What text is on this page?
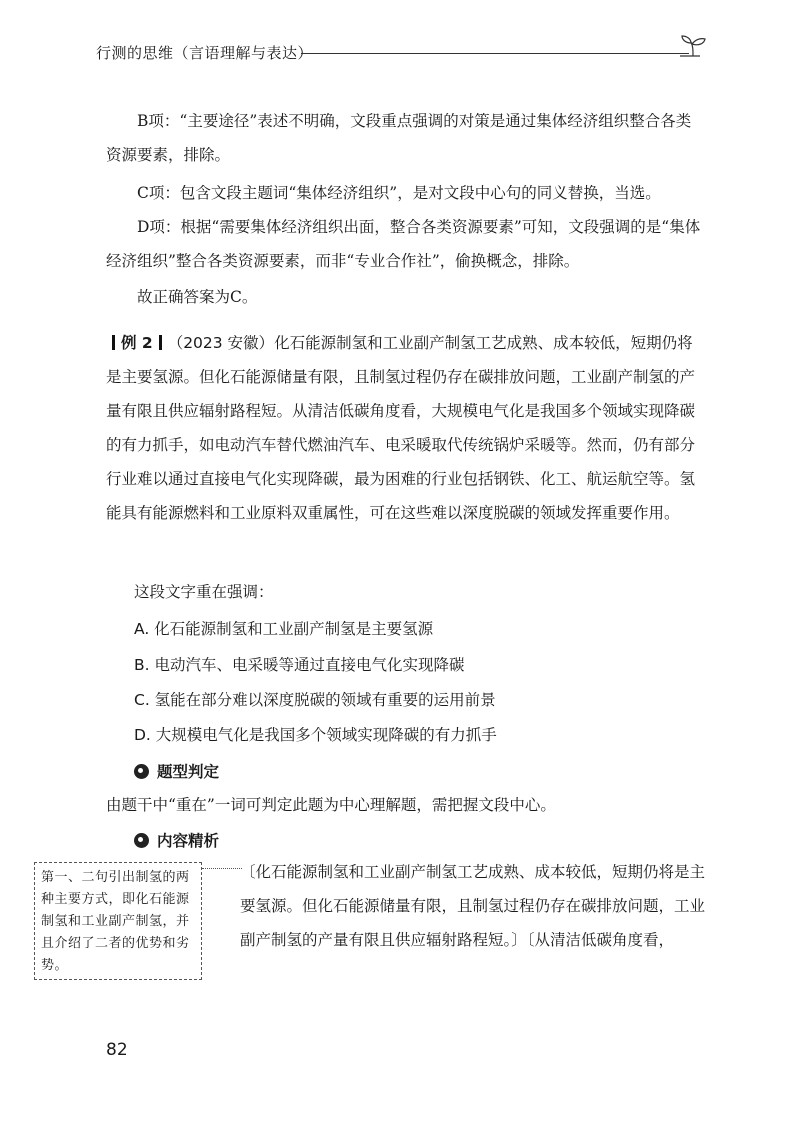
行测的思维（言语理解与表达）

B项：“主要途径”表述不明确，文段重点强调的对策是通过集体经济组织整合各类资源要素，排除。

C项：包含文段主题词“集体经济组织”，是对文段中心句的同义替换，当选。

D项：根据“需要集体经济组织出面，整合各类资源要素”可知，文段强调的是“集体经济组织”整合各类资源要素，而非“专业合作社”，偷换概念，排除。

故正确答案为C。

例 2 （2023 安徽）化石能源制氢和工业副产制氢工艺成熟、成本较低，短期仍将是主要氢源。但化石能源储量有限，且制氢过程仍存在碳排放问题，工业副产制氢的产量有限且供应辐射路程短。从清洁低碳角度看，大规模电气化是我国多个领域实现降碳的有力抓手，如电动汽车替代燃油汽车、电采暖取代传统锅炉采暖等。然而，仍有部分行业难以通过直接电气化实现降碳，最为困难的行业包括钢铁、化工、航运航空等。氢能具有能源燃料和工业原料双重属性，可在这些难以深度脱碳的领域发挥重要作用。

这段文字重在强调：
A. 化石能源制氢和工业副产制氢是主要氢源
B. 电动汽车、电采暖等通过直接电气化实现降碳
C. 氢能在部分难以深度脱碳的领域有重要的运用前景
D. 大规模电气化是我国多个领域实现降碳的有力抓手
题型判定
由题干中“重在”一词可判定此题为中心理解题，需把握文段中心。
内容精析
第一、二句引出制氢的两种主要方式，即化石能源制氢和工业副产制氢，并且介绍了二者的优势和劣势。

〔化石能源制氢和工业副产制氢工艺成熟、成本较低，短期仍将是主要氢源。但化石能源储量有限，且制氢过程仍存在碳排放问题，工业副产制氢的产量有限且供应辐射路程短。〕〔从清洁低碳角度看，

82
